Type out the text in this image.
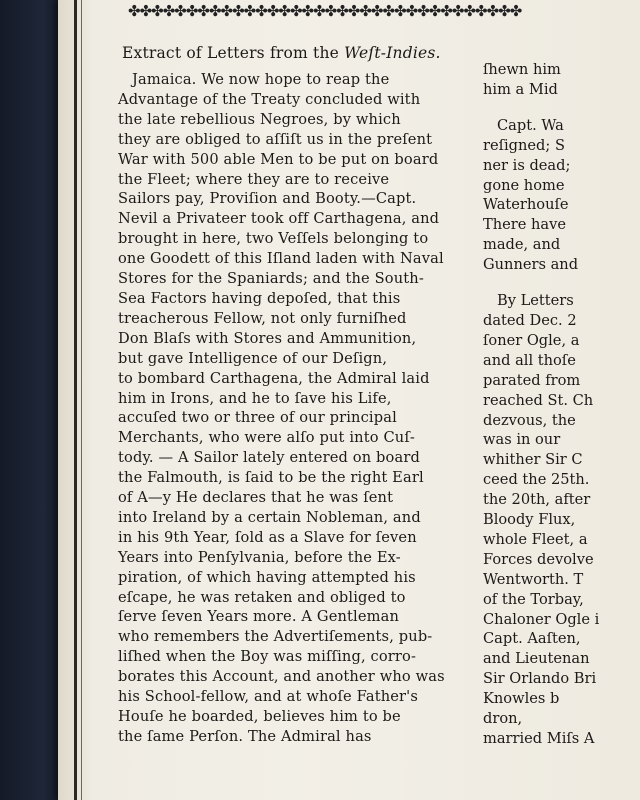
✤✤✤✤✤✤✤✤✤✤✤✤✤✤✤✤✤✤✤✤✤✤✤✤✤✤✤✤✤✤✤✤✤✤
Extract of Letters from the Weſt-Indies.
Jamaica. We now hope to reap the
Advantage of the Treaty concluded with
the late rebellious Negroes, by which
they are obliged to aſſiſt us in the preſent
War with 500 able Men to be put on board
the Fleet; where they are to receive
Sailors pay, Proviſion and Booty.—Capt.
Nevil a Privateer took off Carthagena, and
brought in here, two Veſſels belonging to
one Goodett of this Iſland laden with Naval
Stores for the Spaniards; and the South-
Sea Factors having depoſed, that this
treacherous Fellow, not only furniſhed
Don Blaſs with Stores and Ammunition,
but gave Intelligence of our Deſign,
to bombard Carthagena, the Admiral laid
him in Irons, and he to ſave his Life,
accuſed two or three of our principal
Merchants, who were alſo put into Cuſ-
tody. — A Sailor lately entered on board
the Falmouth, is ſaid to be the right Earl
of A—y He declares that he was ſent
into Ireland by a certain Nobleman, and
in his 9th Year, ſold as a Slave for ſeven
Years into Penſylvania, before the Ex-
piration, of which having attempted his
eſcape, he was retaken and obliged to
ſerve ſeven Years more. A Gentleman
who remembers the Advertiſements, pub-
liſhed when the Boy was miſſing, corro-
borates this Account, and another who was
his School-fellow, and at whoſe Father's
Houſe he boarded, believes him to be
the ſame Perſon. The Admiral has
ſhewn him
him a Mid
Capt. Wa
reſigned; S
ner is dead;
gone home
Waterhouſe
There have
made, and
Gunners and
By Letters
dated Dec. 2
ſoner Ogle, a
and all thoſe
parated from
reached St. Ch
dezvous, the
was in our
whither Sir C
ceed the 25th.
the 20th, after
Bloody Flux,
whole Fleet, a
Forces devolve
Wentworth. T
of the Torbay,
Chaloner Ogle i
Capt. Aaſten,
and Lieutenan
Sir Orlando Bri
Knowles b
dron,
married Miſs A
